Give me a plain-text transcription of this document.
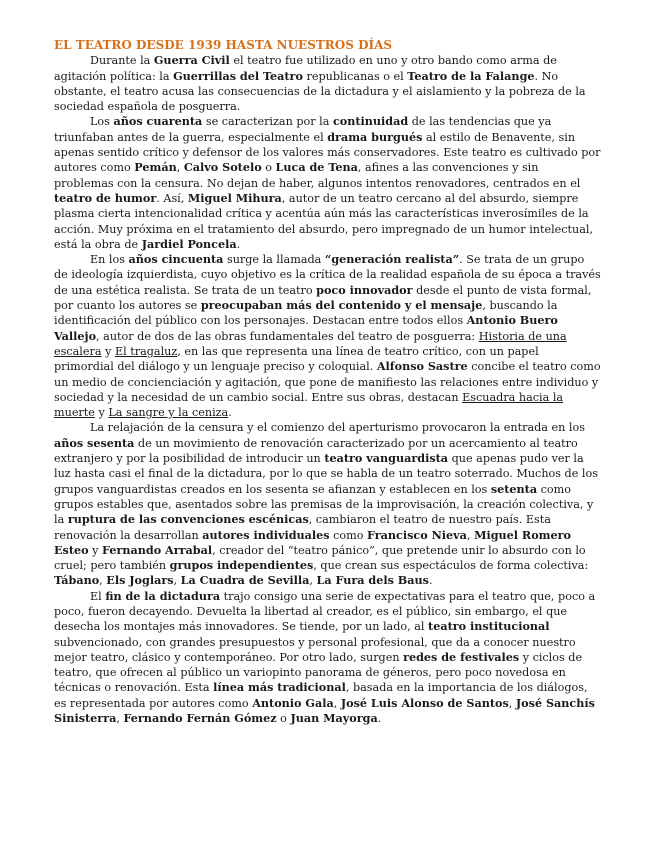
EL TEATRO DESDE 1939 HASTA NUESTROS DÍAS

Durante la Guerra Civil el teatro fue utilizado en uno y otro bando como arma de agitación política: la Guerrillas del Teatro republicanas o el Teatro de la Falange. No obstante, el teatro acusa las consecuencias de la dictadura y el aislamiento y la pobreza de la sociedad española de posguerra.

Los años cuarenta se caracterizan por la continuidad de las tendencias que ya triunfaban antes de la guerra, especialmente el drama burgués al estilo de Benavente, sin apenas sentido crítico y defensor de los valores más conservadores. Este teatro es cultivado por autores como Pemán, Calvo Sotelo o Luca de Tena, afines a las convenciones y sin problemas con la censura. No dejan de haber, algunos intentos renovadores, centrados en el teatro de humor. Así, Miguel Mihura, autor de un teatro cercano al del absurdo, siempre plasma cierta intencionalidad crítica y acentúa aún más las características inverosímiles de la acción. Muy próxima en el tratamiento del absurdo, pero impregnado de un humor intelectual, está la obra de Jardiel Poncela.

En los años cincuenta surge la llamada “generación realista”. Se trata de un grupo de ideología izquierdista, cuyo objetivo es la crítica de la realidad española de su época a través de una estética realista. Se trata de un teatro poco innovador desde el punto de vista formal, por cuanto los autores se preocupaban más del contenido y el mensaje, buscando la identificación del público con los personajes. Destacan entre todos ellos Antonio Buero Vallejo, autor de dos de las obras fundamentales del teatro de posguerra: Historia de una escalera y El tragaluz, en las que representa una línea de teatro crítico, con un papel primordial del diálogo y un lenguaje preciso y coloquial. Alfonso Sastre concibe el teatro como un medio de concienciación y agitación, que pone de manifiesto las relaciones entre individuo y sociedad y la necesidad de un cambio social. Entre sus obras, destacan Escuadra hacia la muerte y La sangre y la ceniza.

La relajación de la censura y el comienzo del aperturismo provocaron la entrada en los años sesenta de un movimiento de renovación caracterizado por un acercamiento al teatro extranjero y por la posibilidad de introducir un teatro vanguardista que apenas pudo ver la luz hasta casi el final de la dictadura, por lo que se habla de un teatro soterrado. Muchos de los grupos vanguardistas creados en los sesenta se afianzan y establecen en los setenta como grupos estables que, asentados sobre las premisas de la improvisación, la creación colectiva, y la ruptura de las convenciones escénicas, cambiaron el teatro de nuestro país. Esta renovación la desarrollan autores individuales como Francisco Nieva, Miguel Romero Esteo y Fernando Arrabal, creador del “teatro pánico”, que pretende unir lo absurdo con lo cruel; pero también grupos independientes, que crean sus espectáculos de forma colectiva: Tábano, Els Joglars, La Cuadra de Sevilla, La Fura dels Baus.

El fin de la dictadura trajo consigo una serie de expectativas para el teatro que, poco a poco, fueron decayendo. Devuelta la libertad al creador, es el público, sin embargo, el que desecha los montajes más innovadores. Se tiende, por un lado, al teatro institucional subvencionado, con grandes presupuestos y personal profesional, que da a conocer nuestro mejor teatro, clásico y contemporáneo. Por otro lado, surgen redes de festivales y ciclos de teatro, que ofrecen al público un variopinto panorama de géneros, pero poco novedosa en técnicas o renovación. Esta línea más tradicional, basada en la importancia de los diálogos, es representada por autores como Antonio Gala, José Luis Alonso de Santos, José Sanchís Sinisterra, Fernando Fernán Gómez o Juan Mayorga.
